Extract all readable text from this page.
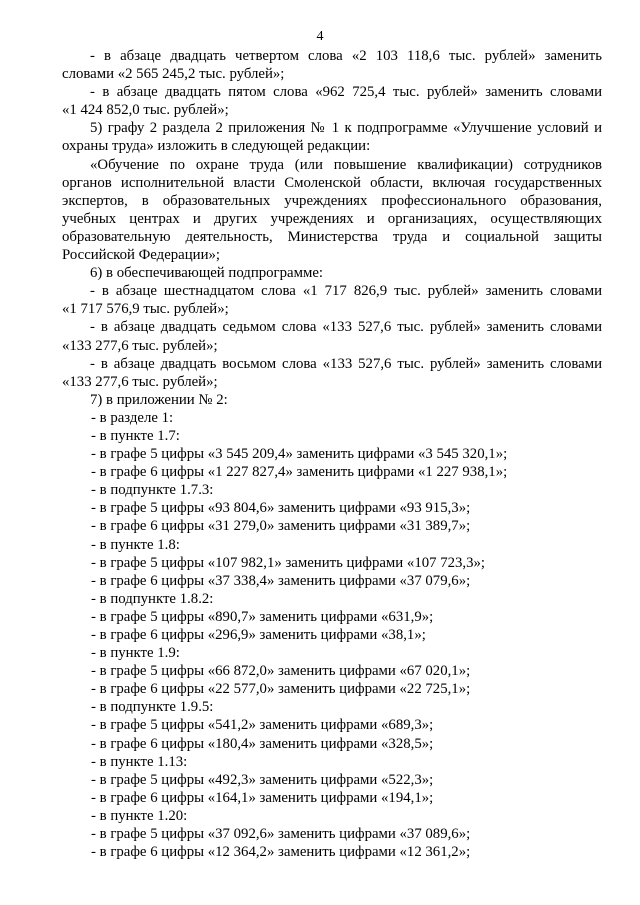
4

- в абзаце двадцать четвертом слова «2 103 118,6 тыс. рублей» заменить

словами «2 565 245,2 тыс. рублей»;

- в абзаце двадцать пятом слова «962 725,4 тыс. рублей» заменить словами

«1 424 852,0 тыс. рублей»;

5) графу 2 раздела 2 приложения № 1 к подпрограмме «Улучшение условий и

охраны труда» изложить в следующей редакции:

«Обучение по охране труда (или повышение квалификации) сотрудников

органов исполнительной власти Смоленской области, включая государственных

экспертов, в образовательных учреждениях профессионального образования,

учебных центрах и других учреждениях и организациях, осуществляющих

образовательную деятельность, Министерства труда и социальной защиты

Российской Федерации»;

6) в обеспечивающей подпрограмме:

- в абзаце шестнадцатом слова «1 717 826,9 тыс. рублей» заменить словами

«1 717 576,9 тыс. рублей»;

- в абзаце двадцать седьмом слова «133 527,6 тыс. рублей» заменить словами

«133 277,6 тыс. рублей»;

- в абзаце двадцать восьмом слова «133 527,6 тыс. рублей» заменить словами

«133 277,6 тыс. рублей»;

7) в приложении № 2:

- в разделе 1:

- в пункте 1.7:

- в графе 5 цифры «3 545 209,4» заменить цифрами «3 545 320,1»;

- в графе 6 цифры «1 227 827,4» заменить цифрами «1 227 938,1»;

- в подпункте 1.7.3:

- в графе 5 цифры «93 804,6» заменить цифрами «93 915,3»;

- в графе 6 цифры «31 279,0» заменить цифрами «31 389,7»;

- в пункте 1.8:

- в графе 5 цифры «107 982,1» заменить цифрами «107 723,3»;

- в графе 6 цифры «37 338,4» заменить цифрами «37 079,6»;

- в подпункте 1.8.2:

- в графе 5 цифры «890,7» заменить цифрами «631,9»;

- в графе 6 цифры «296,9» заменить цифрами «38,1»;

- в пункте 1.9:

- в графе 5 цифры «66 872,0» заменить цифрами «67 020,1»;

- в графе 6 цифры «22 577,0» заменить цифрами «22 725,1»;

- в подпункте 1.9.5:

- в графе 5 цифры «541,2» заменить цифрами «689,3»;

- в графе 6 цифры «180,4» заменить цифрами «328,5»;

- в пункте 1.13:

- в графе 5 цифры «492,3» заменить цифрами «522,3»;

- в графе 6 цифры «164,1» заменить цифрами «194,1»;

- в пункте 1.20:

- в графе 5 цифры «37 092,6» заменить цифрами «37 089,6»;

- в графе 6 цифры «12 364,2» заменить цифрами «12 361,2»;
